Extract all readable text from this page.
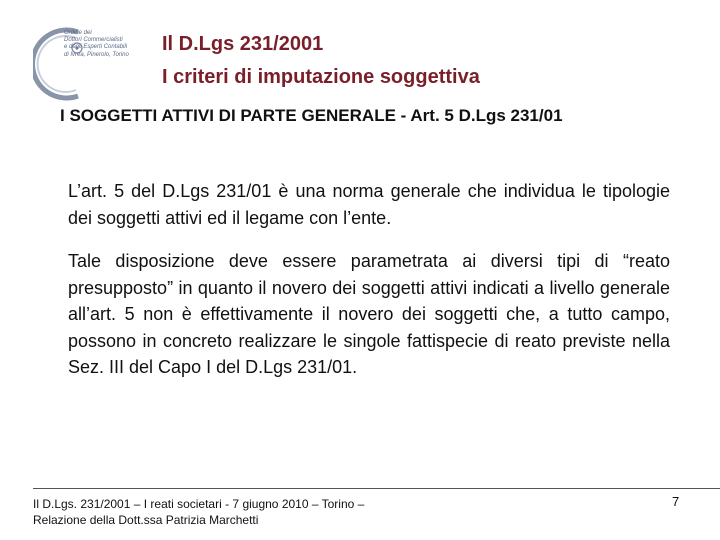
Ordine dei
Dottori Commercialisti
e degli Esperti Contabili
di Ivrea, Pinerolo, Torino Il D.Lgs 231/2001
I criteri di imputazione soggettiva
I SOGGETTI ATTIVI DI PARTE GENERALE - Art. 5 D.Lgs 231/01
L’art. 5 del D.Lgs 231/01 è una norma generale che individua le tipologie dei soggetti attivi ed il legame con l’ente.
Tale disposizione deve essere parametrata ai diversi tipi di “reato presupposto” in quanto il novero dei soggetti attivi indicati a livello generale all’art. 5 non è effettivamente il novero dei soggetti che, a tutto campo, possono in concreto realizzare le singole fattispecie di reato previste nella Sez. III del Capo I del D.Lgs 231/01.
Il D.Lgs. 231/2001 – I reati societari - 7 giugno 2010 – Torino –
Relazione della Dott.ssa Patrizia Marchetti
7
